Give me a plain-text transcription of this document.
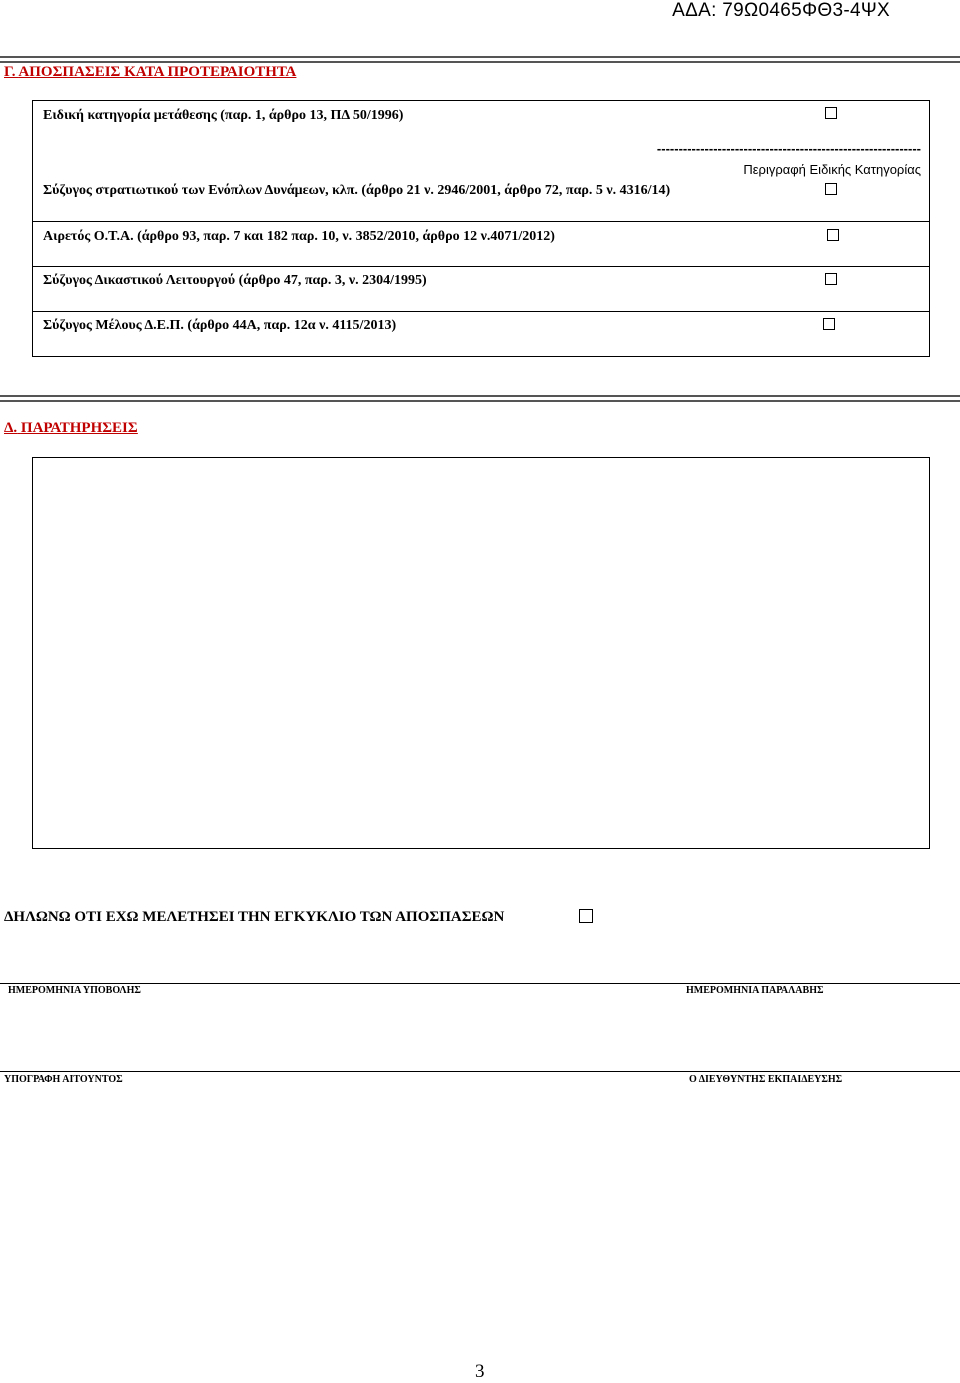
ΑΔΑ: 79Ω0465ΦΘ3-4ΨΧ
Γ. ΑΠΟΣΠΑΣΕΙΣ ΚΑΤΑ ΠΡΟΤΕΡΑΙΟΤΗΤΑ
Ειδική κατηγορία μετάθεσης (παρ. 1, άρθρο 13, ΠΔ 50/1996)
-------------------------------------------------------------
Περιγραφή Ειδικής Κατηγορίας
Σύζυγος στρατιωτικού των Ενόπλων Δυνάμεων, κλπ. (άρθρο 21 ν. 2946/2001, άρθρο 72, παρ. 5 ν. 4316/14)
Αιρετός Ο.Τ.Α. (άρθρο 93, παρ. 7 και 182 παρ. 10, ν. 3852/2010, άρθρο 12 ν.4071/2012)
Σύζυγος Δικαστικού Λειτουργού (άρθρο 47, παρ. 3, ν. 2304/1995)
Σύζυγος Μέλους Δ.Ε.Π. (άρθρο 44Α, παρ. 12α ν. 4115/2013)
Δ. ΠΑΡΑΤΗΡΗΣΕΙΣ
ΔΗΛΩΝΩ ΟΤΙ ΕΧΩ ΜΕΛΕΤΗΣΕΙ ΤΗΝ ΕΓΚΥΚΛΙΟ ΤΩΝ ΑΠΟΣΠΑΣΕΩΝ
ΗΜΕΡΟΜΗΝΙΑ ΥΠΟΒΟΛΗΣ	ΗΜΕΡΟΜΗΝΙΑ ΠΑΡΑΛΑΒΗΣ
ΥΠΟΓΡΑΦΗ ΑΙΤΟΥΝΤΟΣ	Ο ΔΙΕΥΘΥΝΤΗΣ ΕΚΠΑΙΔΕΥΣΗΣ
3
